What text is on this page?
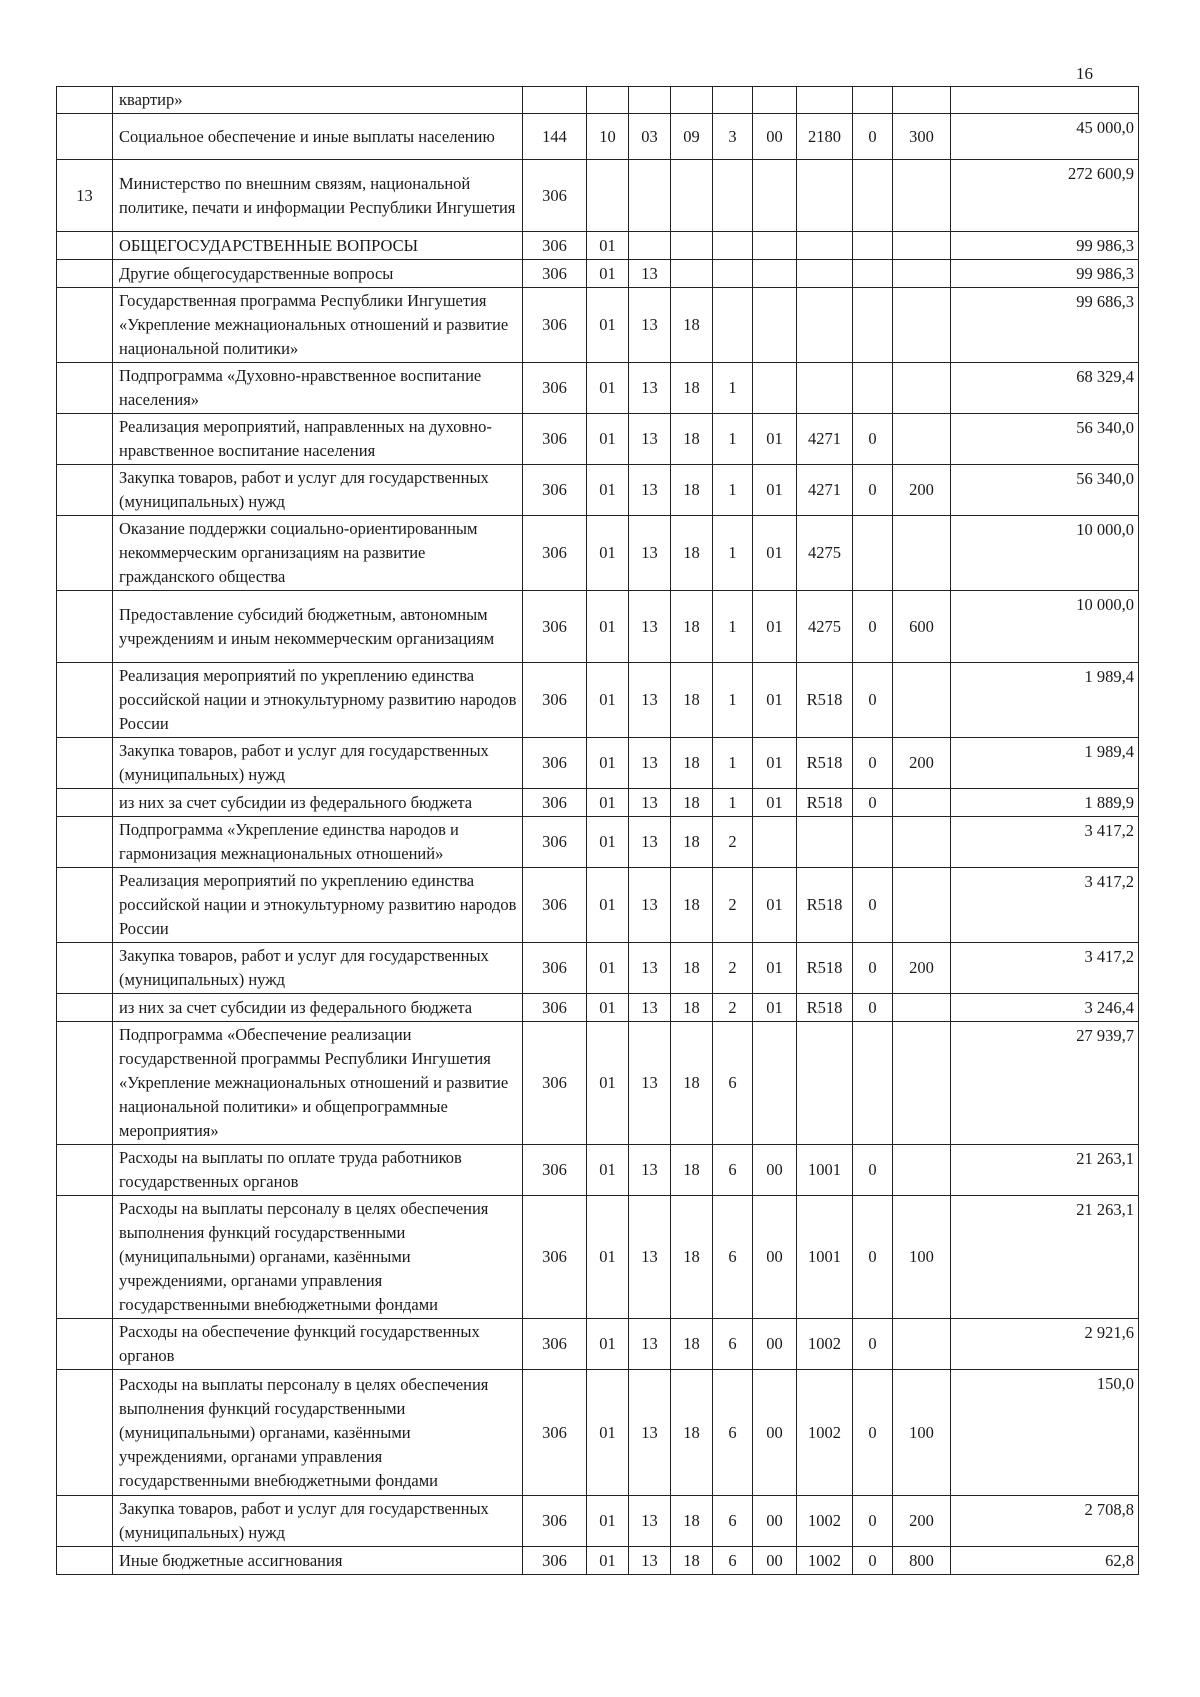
16
	квартир»										
	Социальное обеспечение и иные выплаты населению	144	10	03	09	3	00	2180	0	300	45 000,0
13	Министерство по внешним связям, национальной политике, печати и информации Республики Ингушетия	306									272 600,9
	ОБЩЕГОСУДАРСТВЕННЫЕ ВОПРОСЫ	306	01								99 986,3
	Другие общегосударственные вопросы	306	01	13							99 986,3
	Государственная программа Республики Ингушетия «Укрепление межнациональных отношений и развитие национальной политики»	306	01	13	18						99 686,3
	Подпрограмма «Духовно-нравственное воспитание населения»	306	01	13	18	1					68 329,4
	Реализация мероприятий, направленных на духовно-нравственное воспитание населения	306	01	13	18	1	01	4271	0		56 340,0
	Закупка товаров, работ и услуг для государственных (муниципальных) нужд	306	01	13	18	1	01	4271	0	200	56 340,0
	Оказание поддержки социально-ориентированным некоммерческим организациям на развитие гражданского общества	306	01	13	18	1	01	4275			10 000,0
	Предоставление субсидий бюджетным, автономным учреждениям и иным некоммерческим организациям	306	01	13	18	1	01	4275	0	600	10 000,0
	Реализация мероприятий по укреплению единства российской нации и этнокультурному развитию народов России	306	01	13	18	1	01	R518	0		1 989,4
	Закупка товаров, работ и услуг для государственных (муниципальных) нужд	306	01	13	18	1	01	R518	0	200	1 989,4
	из них за счет субсидии из федерального бюджета	306	01	13	18	1	01	R518	0		1 889,9
	Подпрограмма «Укрепление единства народов и гармонизация межнациональных отношений»	306	01	13	18	2					3 417,2
	Реализация мероприятий по укреплению единства российской нации и этнокультурному развитию народов России	306	01	13	18	2	01	R518	0		3 417,2
	Закупка товаров, работ и услуг для государственных (муниципальных) нужд	306	01	13	18	2	01	R518	0	200	3 417,2
	из них за счет субсидии из федерального бюджета	306	01	13	18	2	01	R518	0		3 246,4
	Подпрограмма «Обеспечение реализации государственной программы Республики Ингушетия «Укрепление межнациональных отношений и развитие национальной политики» и общепрограммные мероприятия»	306	01	13	18	6					27 939,7
	Расходы на выплаты по оплате труда работников государственных органов	306	01	13	18	6	00	1001	0		21 263,1
	Расходы на выплаты персоналу в целях обеспечения выполнения функций государственными (муниципальными) органами, казёнными учреждениями, органами управления государственными внебюджетными фондами	306	01	13	18	6	00	1001	0	100	21 263,1
	Расходы на обеспечение функций государственных органов	306	01	13	18	6	00	1002	0		2 921,6
	Расходы на выплаты персоналу в целях обеспечения выполнения функций государственными (муниципальными) органами, казёнными учреждениями, органами управления государственными внебюджетными фондами	306	01	13	18	6	00	1002	0	100	150,0
	Закупка товаров, работ и услуг для государственных (муниципальных) нужд	306	01	13	18	6	00	1002	0	200	2 708,8
	Иные бюджетные ассигнования	306	01	13	18	6	00	1002	0	800	62,8
